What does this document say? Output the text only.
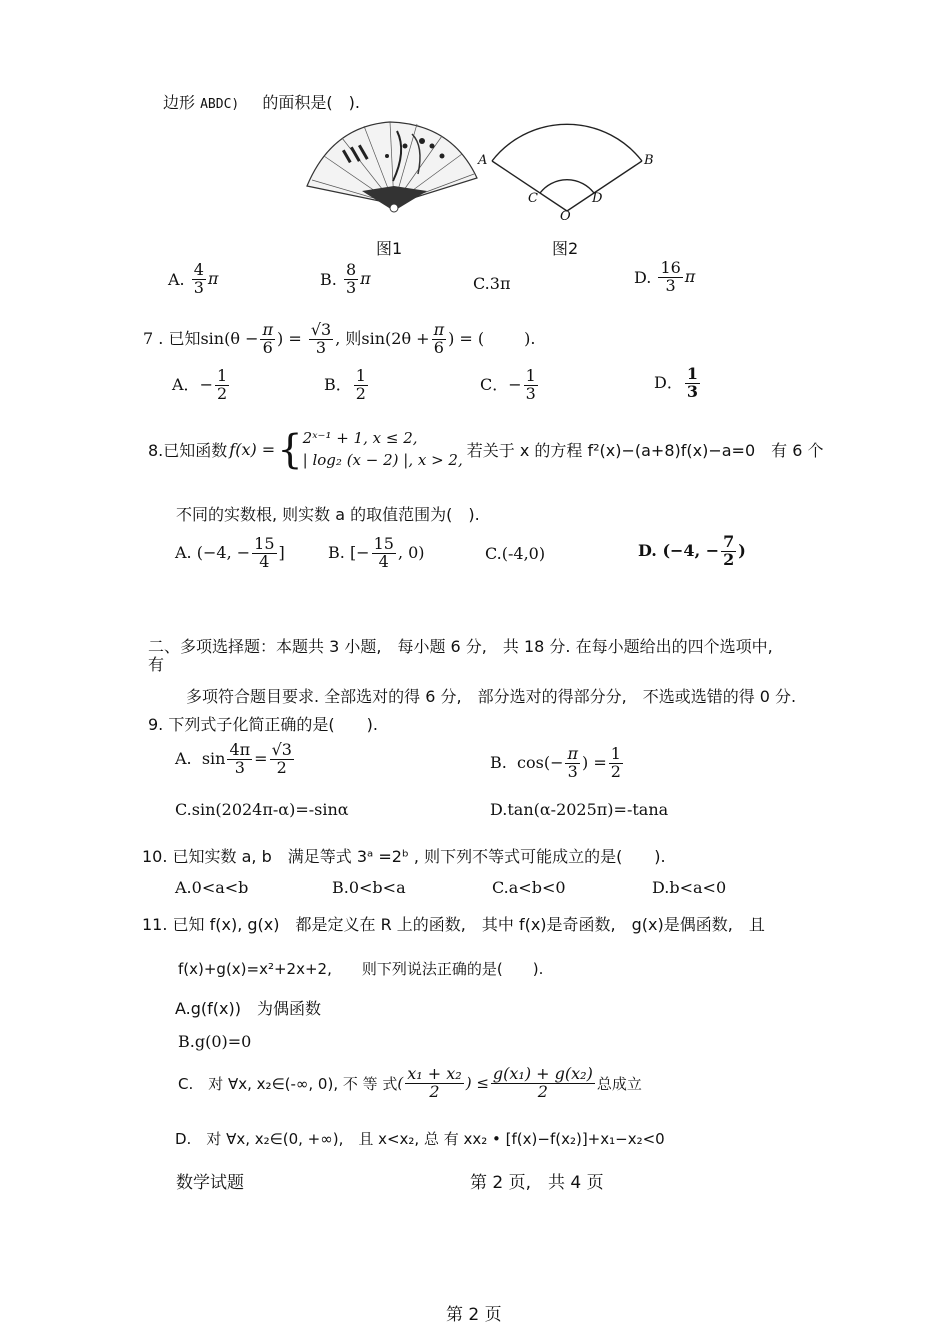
边形 ABDC) 的面积是(　).
A	B
C	D
O
图1	图2
A. $\frac{4}{3}$ π	B. $\frac{8}{3}$ π	C.3π	D. $\frac{16}{3}$ π
7 . 已知$\sin(\theta - \frac{\pi}{6}$ ) = $\frac{√3}{3}$ , 则$\sin(2\theta + \frac{\pi}{6}$ ) = (	).
A．− $\frac{1}{2}$	B． $\frac{1}{2}$	C．− $\frac{1}{3}$	D． $\frac{1}{3}$
8.已知函数 f(x) = { 2ˣ⁻¹ + 1, x ≤ 2,
| log₂ (x − 2) |, x > 2, 若关于 x 的方程 f²(x)−(a+8)f(x)−a=0　有 6 个
不同的实数根, 则实数 a 的取值范围为(　).
A. (−4, − $\frac{15}{4}$ ]	B. [− $\frac{15}{4}$ , 0)	C.(-4,0)	D. (−4, − $\frac{7}{2}$ )
二、多项选择题：本题共 3 小题,　每小题 6 分,　共 18 分. 在每小题给出的四个选项中,
有
多项符合题目要求. 全部选对的得 6 分,　部分选对的得部分分,　不选或选错的得 0 分.
9. 下列式子化简正确的是(　　).
A. $\sin \frac{4\pi}{3} = \frac{√3}{2}$	B. $\cos(- \frac{\pi}{3}$ ) = $\frac{1}{2}$
C.sin(2024π-α)=-sinα	D.tan(α-2025π)=-tana
10. 已知实数 a, b　满足等式 3ᵃ =2ᵇ , 则下列不等式可能成立的是(　　).
A.0<a<b	B.0<b<a	C.a<b<0	D.b<a<0
11. 已知 f(x), g(x)　都是定义在 R 上的函数,　其中 f(x)是奇函数,　g(x)是偶函数,　且
f(x)+g(x)=x²+2x+2,　　则下列说法正确的是(　　).
A.g(f(x))　为偶函数
B.g(0)=0
C.　对 ∀x, x₂∈(-∞, 0), 不 等 式 ( $\frac{\text{x₁ + x₂}}{2}$ ) ≤ $\frac{\text{g(x₁) + g(x₂)}}{2}$ 总成立
D.　对 ∀x, x₂∈(0, +∞),　且 x<x₂, 总 有 xx₂ • [f(x)−f(x₂)]+x₁−x₂<0
数学试题	第 2 页,　共 4 页
第 2 页
